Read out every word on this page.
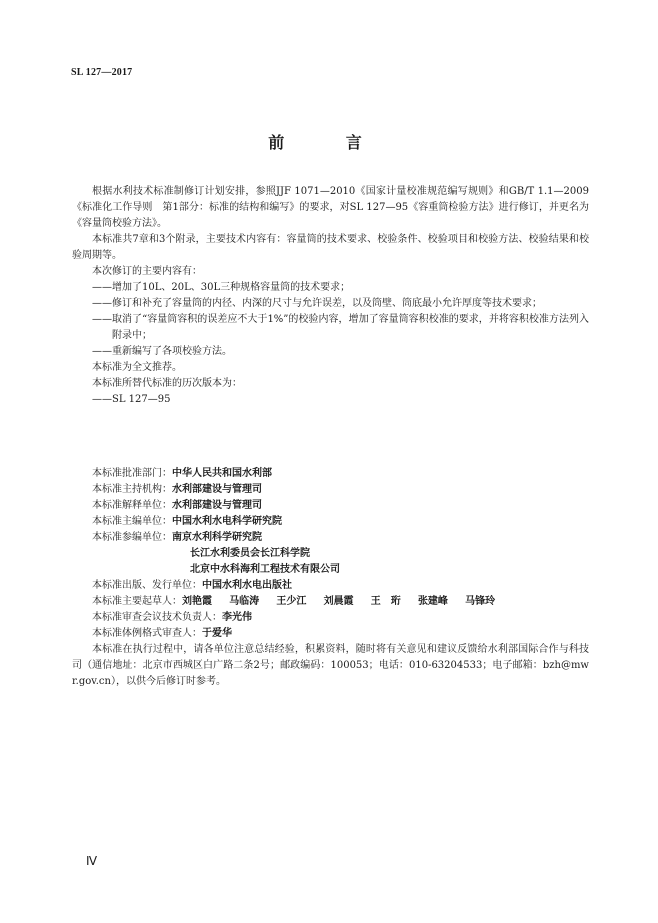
SL 127—2017
前 言

根据水利技术标准制修订计划安排，参照JJF 1071—2010《国家计量校准规范编写规则》和GB/T 1.1—2009《标准化工作导则　第1部分：标准的结构和编写》的要求，对SL 127—95《容重筒检验方法》进行修订，并更名为《容量筒校验方法》。

本标准共7章和3个附录，主要技术内容有：容量筒的技术要求、校验条件、校验项目和校验方法、校验结果和校验周期等。

本次修订的主要内容有：

——增加了10L、20L、30L三种规格容量筒的技术要求；

——修订和补充了容量筒的内径、内深的尺寸与允许误差，以及筒壁、筒底最小允许厚度等技术要求；

——取消了“容量筒容积的误差应不大于1%”的校验内容，增加了容量筒容积校准的要求，并将容积校准方法列入附录中；

——重新编写了各项校验方法。

本标准为全文推荐。

本标准所替代标准的历次版本为：

——SL 127—95

本标准批准部门： 中华人民共和国水利部
本标准主持机构： 水利部建设与管理司
本标准解释单位： 水利部建设与管理司
本标准主编单位： 中国水利水电科学研究院
本标准参编单位： 南京水利科学研究院

长江水利委员会长江科学院

北京中水科海利工程技术有限公司

本标准出版、发行单位： 中国水利水电出版社
本标准主要起草人： 刘艳霞 马临涛 王少江 刘晨霞 王　珩 张建峰 马锋玲
本标准审查会议技术负责人： 李光伟
本标准体例格式审查人： 于爱华

本标准在执行过程中，请各单位注意总结经验，积累资料，随时将有关意见和建议反馈给水利部国际合作与科技司（通信地址：北京市西城区白广路二条2号；邮政编码：100053；电话：010-63204533；电子邮箱：bzh@mwr.gov.cn），以供今后修订时参考。

Ⅳ
